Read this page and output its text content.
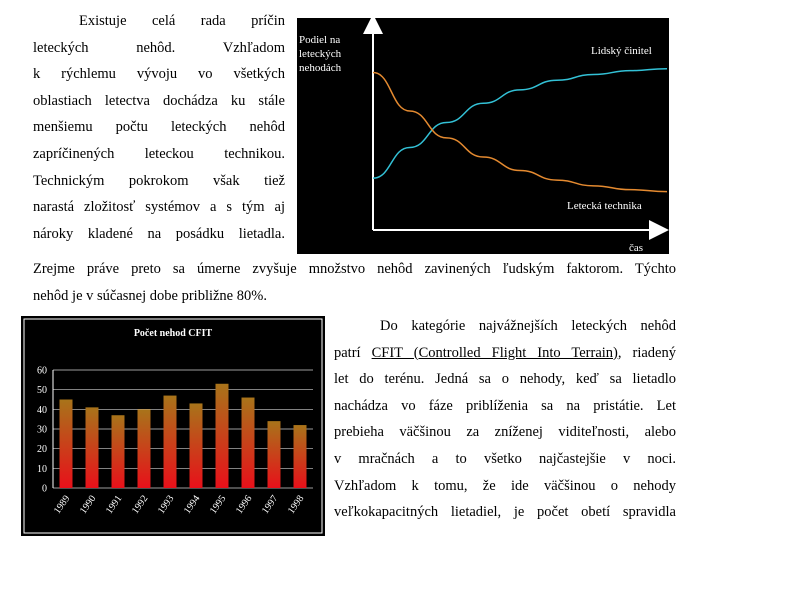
Existuje celá rada príčin
leteckých nehôd. Vzhľadom
k rýchlemu vývoju vo všetkých
oblastiach letectva dochádza ku stále
menšiemu počtu leteckých nehôd
zapríčinených leteckou technikou.
Technickým pokrokom však tiež
narastá zložitosť systémov a s tým aj
nároky kladené na posádku lietadla.
Zrejme práve preto sa úmerne zvyšuje množstvo nehôd zavinených ľudským faktorom. Týchto
nehôd je v súčasnej dobe približne 80%.
Podiel na leteckých nehodách
čas
Lidský činitel
Letecká technika
Počet nehod CFIT
0
10
20
30
40
50
60
1989 1990 1991 1992 1993 1994 1995 1996 1997 1998
Do kategórie najvážnejších leteckých nehôd
patrí CFIT (Controlled Flight Into Terrain), riadený
let do terénu. Jedná sa o nehody, keď sa lietadlo
nachádza vo fáze priblíženia sa na pristátie. Let
prebieha väčšinou za zníženej viditeľnosti, alebo
v mračnách a to všetko najčastejšie v noci.
Vzhľadom k tomu, že ide väčšinou o nehody
veľkokapacitných lietadiel, je počet obetí spravidla
